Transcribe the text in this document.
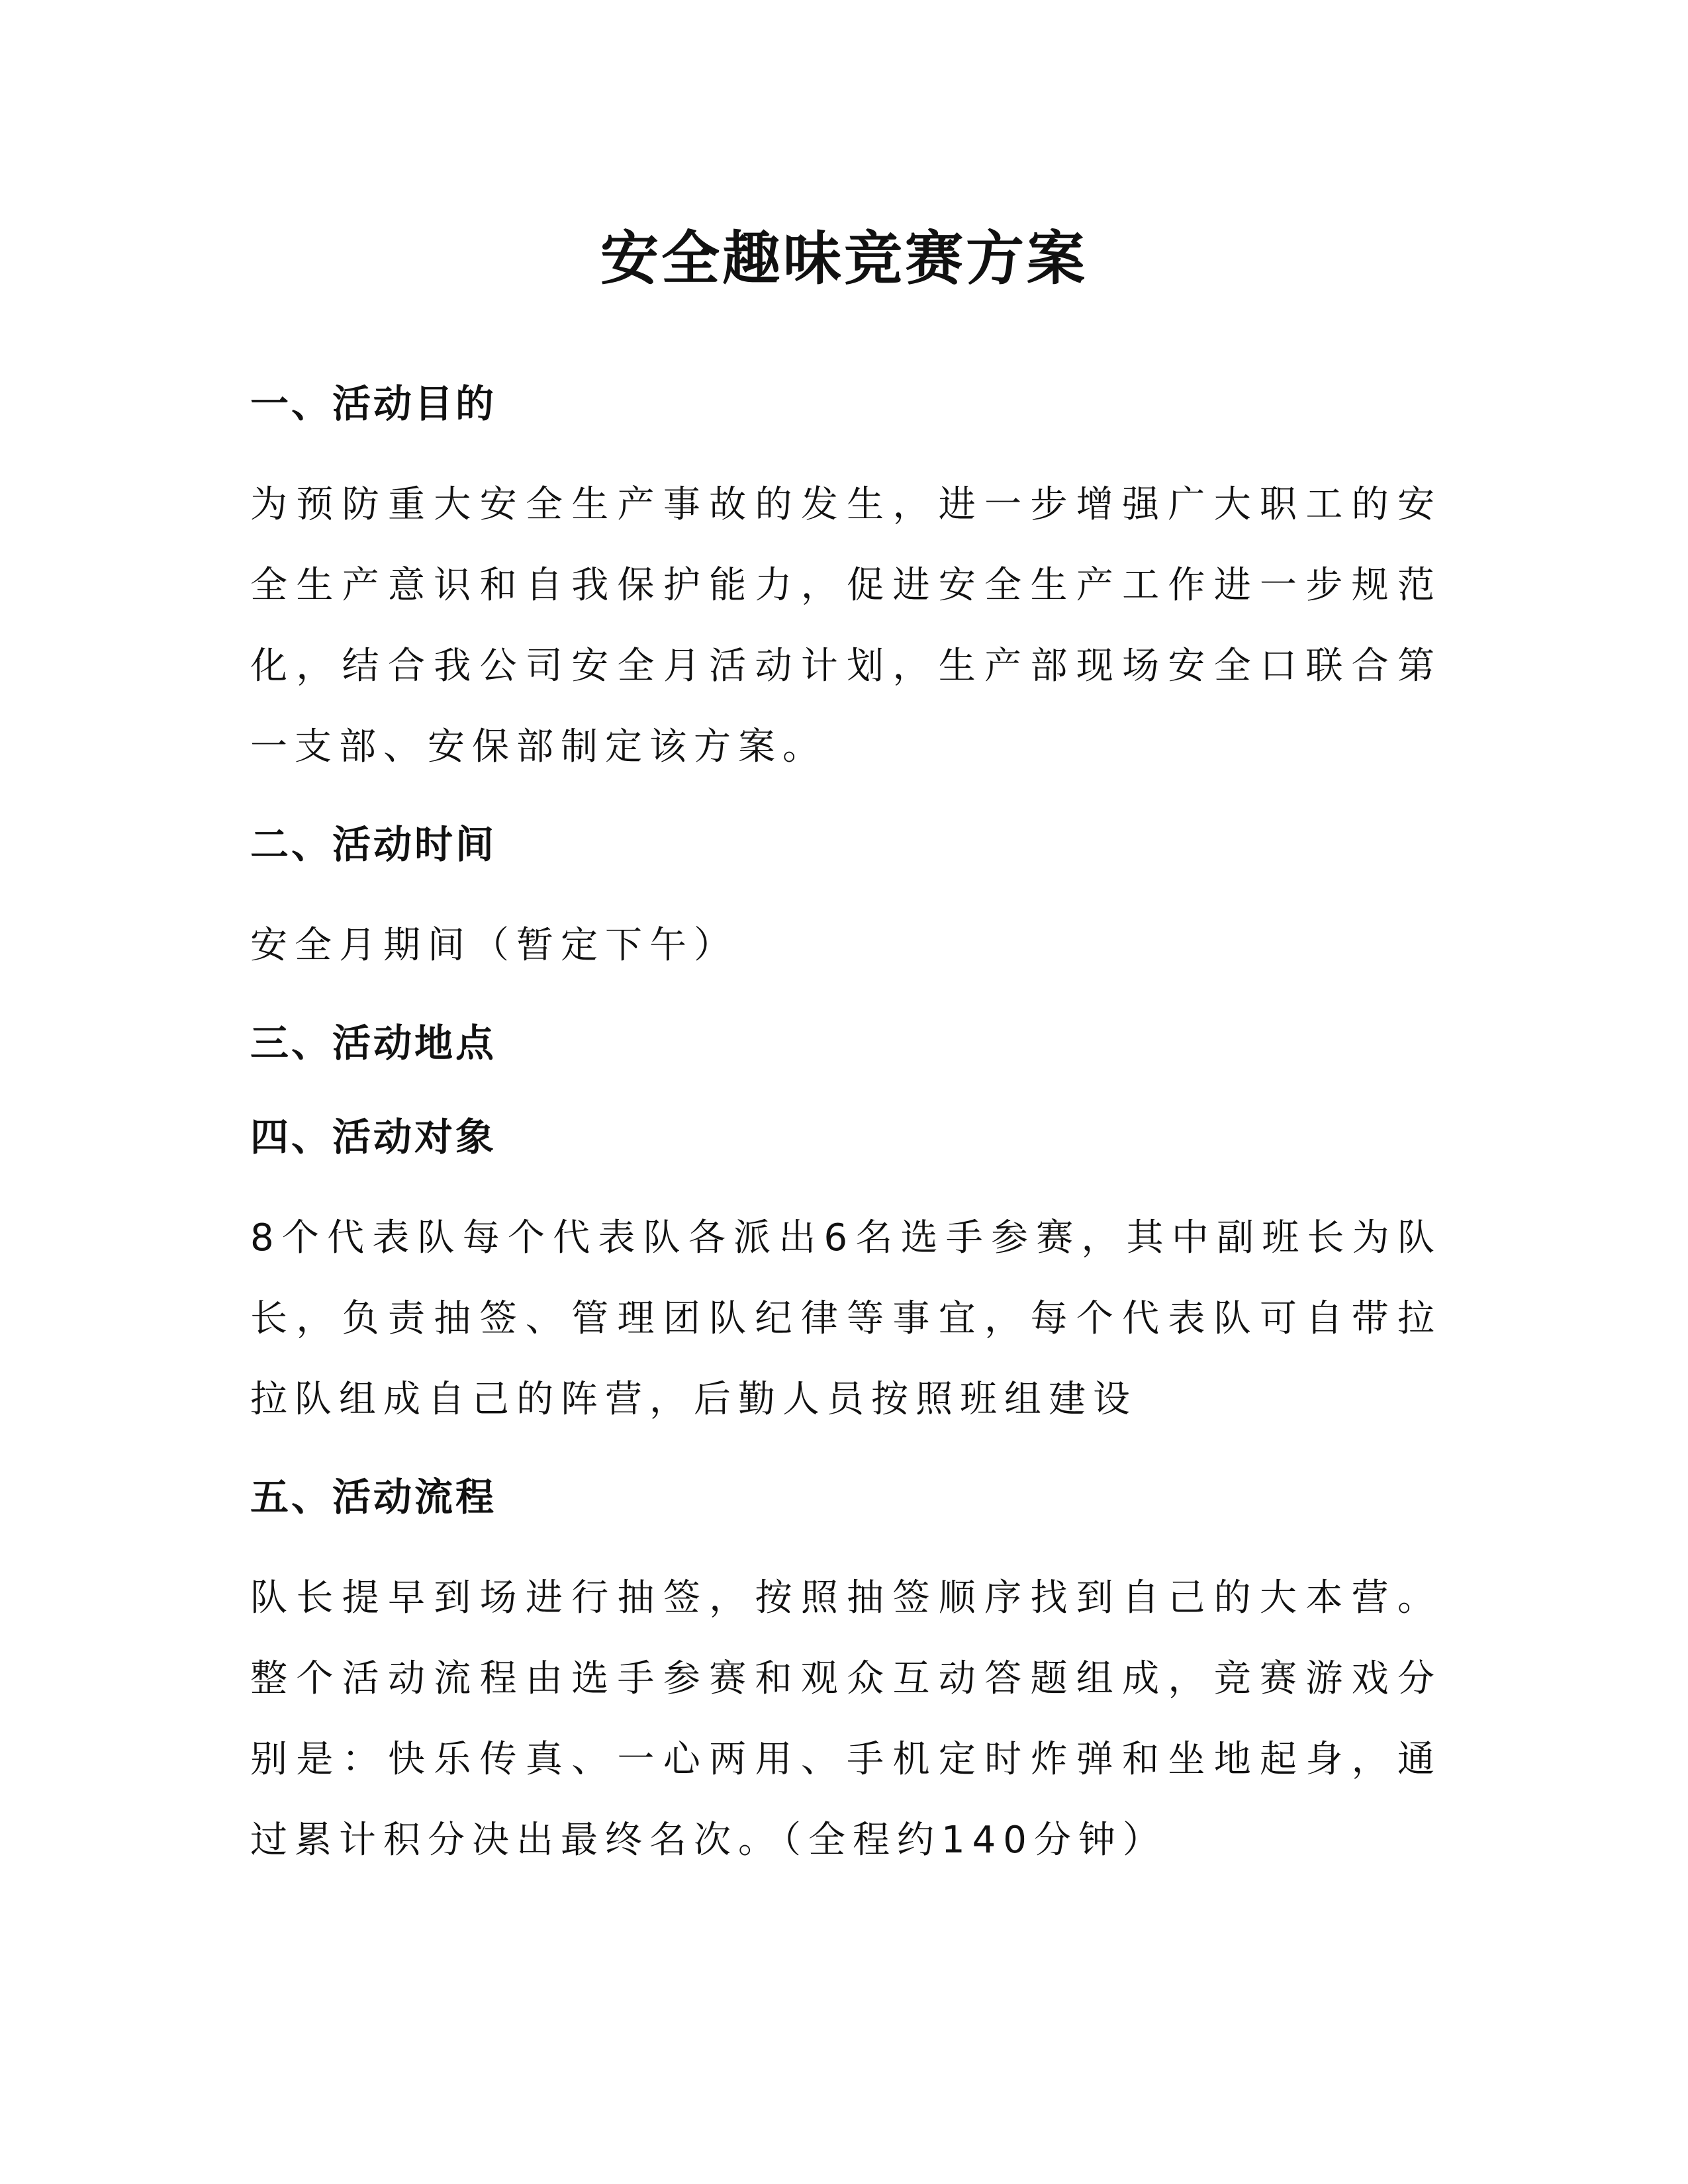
安全趣味竞赛方案
一、活动目的
为预防重大安全生产事故的发生，进一步增强广大职工的安全生产意识和自我保护能力，促进安全生产工作进一步规范化，结合我公司安全月活动计划，生产部现场安全口联合第一支部、安保部制定该方案。
二、活动时间
安全月期间（暂定下午）
三、活动地点
四、活动对象
8个代表队每个代表队各派出6名选手参赛，其中副班长为队长，负责抽签、管理团队纪律等事宜，每个代表队可自带拉拉队组成自己的阵营，后勤人员按照班组建设
五、活动流程
队长提早到场进行抽签，按照抽签顺序找到自己的大本营。整个活动流程由选手参赛和观众互动答题组成，竞赛游戏分别是：快乐传真、一心两用、手机定时炸弹和坐地起身，通过累计积分决出最终名次。（全程约140分钟）
